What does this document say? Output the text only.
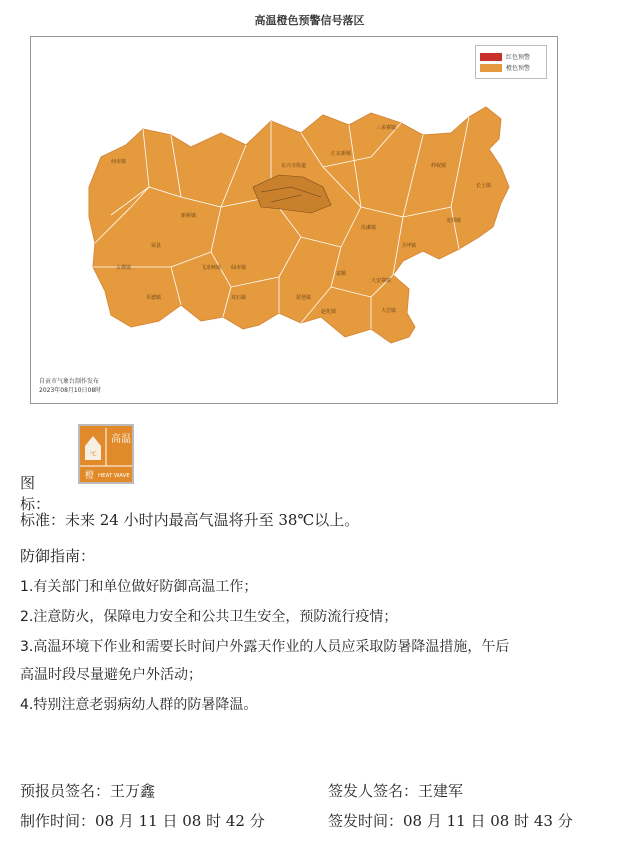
高温橙色预警信号落区
何市镇
三多寨镇
汇东新城
东兴寺街道	仲权镇
长土镇
龙潭镇
沿滩镇
卫坪镇
富顺
大安寨镇
大岩镇
琵琶镇
赵化镇
飞龙峡镇 仙市镇
荣县
双石镇
古佛镇
乐德镇
新桥镇
红色预警
橙色预警
自贡市气象台制作发布
2023年08月10日08时
图标：
℃
高温
橙 HEAT WAVE
标准：未来 24 小时内最高气温将升至 38℃以上。
防御指南：
1.有关部门和单位做好防御高温工作；
2.注意防火，保障电力安全和公共卫生安全，预防流行疫情；
3.高温环境下作业和需要长时间户外露天作业的人员应采取防暑降温措施，午后
高温时段尽量避免户外活动；
4.特别注意老弱病幼人群的防暑降温。
预报员签名：王万鑫	签发人签名：王建军
制作时间：08 月 11 日 08 时 42 分	签发时间：08 月 11 日 08 时 43 分
